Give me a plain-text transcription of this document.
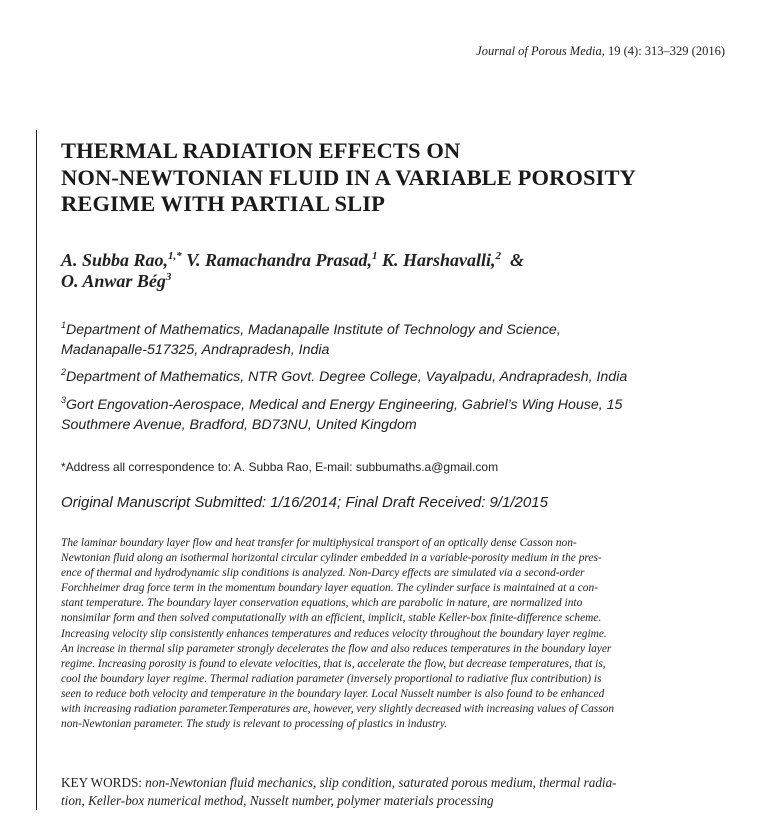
Journal of Porous Media, 19 (4): 313–329 (2016)
THERMAL RADIATION EFFECTS ON
NON-NEWTONIAN FLUID IN A VARIABLE POROSITY
REGIME WITH PARTIAL SLIP
A. Subba Rao,$^{1,*}$ V. Ramachandra Prasad,$^1$ K. Harshavalli,$^2$  &
O. Anwar Bég$^3$
$^1$Department of Mathematics, Madanapalle Institute of Technology and Science,
Madanapalle-517325, Andrapradesh, India
$^2$Department of Mathematics, NTR Govt. Degree College, Vayalpadu, Andrapradesh, India
$^3$Gort Engovation-Aerospace, Medical and Energy Engineering, Gabriel’s Wing House, 15
Southmere Avenue, Bradford, BD73NU, United Kingdom
*Address all correspondence to: A. Subba Rao, E-mail: subbumaths.a@gmail.com
Original Manuscript Submitted: 1/16/2014; Final Draft Received: 9/1/2015
The laminar boundary layer flow and heat transfer for multiphysical transport of an optically dense Casson non-
Newtonian fluid along an isothermal horizontal circular cylinder embedded in a variable-porosity medium in the pres-
ence of thermal and hydrodynamic slip conditions is analyzed. Non-Darcy effects are simulated via a second-order
Forchheimer drag force term in the momentum boundary layer equation. The cylinder surface is maintained at a con-
stant temperature. The boundary layer conservation equations, which are parabolic in nature, are normalized into
nonsimilar form and then solved computationally with an efficient, implicit, stable Keller-box finite-difference scheme.
Increasing velocity slip consistently enhances temperatures and reduces velocity throughout the boundary layer regime.
An increase in thermal slip parameter strongly decelerates the flow and also reduces temperatures in the boundary layer
regime. Increasing porosity is found to elevate velocities, that is, accelerate the flow, but decrease temperatures, that is,
cool the boundary layer regime. Thermal radiation parameter (inversely proportional to radiative flux contribution) is
seen to reduce both velocity and temperature in the boundary layer. Local Nusselt number is also found to be enhanced
with increasing radiation parameter.Temperatures are, however, very slightly decreased with increasing values of Casson
non-Newtonian parameter. The study is relevant to processing of plastics in industry.
KEY WORDS: non-Newtonian fluid mechanics, slip condition, saturated porous medium, thermal radia-
tion, Keller-box numerical method, Nusselt number, polymer materials processing
